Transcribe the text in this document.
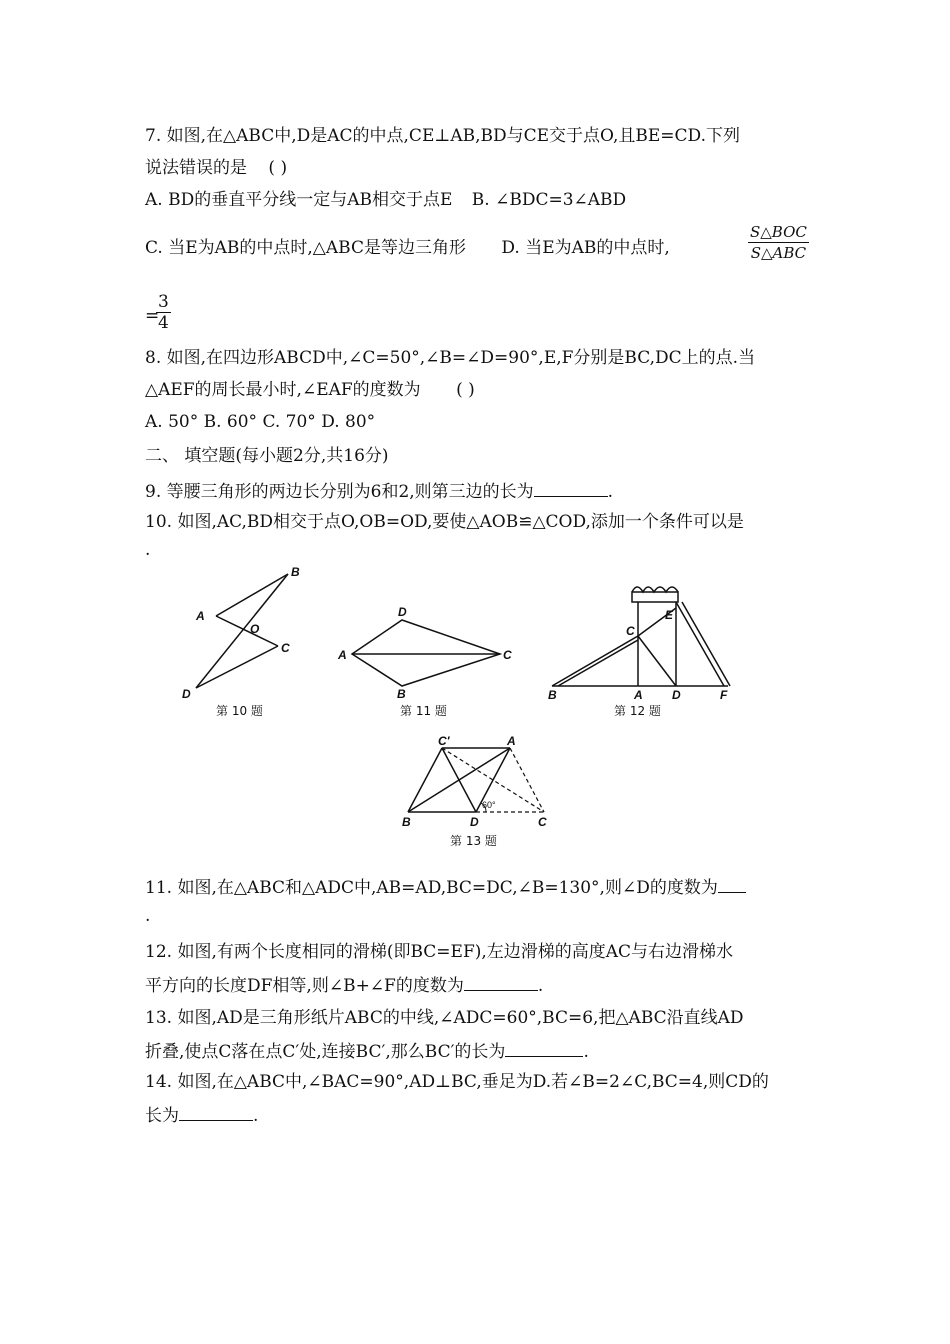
7. 如图,在△ABC中,D是AC的中点,CE⊥AB,BD与CE交于点O,且BE=CD.下列
说法错误的是 ( )
A. BD的垂直平分线一定与AB相交于点E B. ∠BDC=3∠ABD
C. 当E为AB的中点时,△ABC是等边三角形 D. 当E为AB的中点时,
S△BOC
S△ABC
=
$\frac{3}{4}$
8. 如图,在四边形ABCD中,∠C=50°,∠B=∠D=90°,E,F分别是BC,DC上的点.当
△AEF的周长最小时,∠EAF的度数为 ( )
A. 50° B. 60° C. 70° D. 80°
二、 填空题(每小题2分,共16分)
9. 等腰三角形的两边长分别为6和2,则第三边的长为	.
10. 如图,AC,BD相交于点O,OB=OD,要使△AOB≌△COD,添加一个条件可以是
.
B
A
O
C
D
第 10 题
D
A	C
B
第 11 题
E
C
B	A D	F
第 12 题
60°
C′	A
B	D	C
第 13 题
11. 如图,在△ABC和△ADC中,AB=AD,BC=DC,∠B=130°,则∠D的度数为
.
12. 如图,有两个长度相同的滑梯(即BC=EF),左边滑梯的高度AC与右边滑梯水
平方向的长度DF相等,则∠B+∠F的度数为	.
13. 如图,AD是三角形纸片ABC的中线,∠ADC=60°,BC=6,把△ABC沿直线AD
折叠,使点C落在点C′处,连接BC′,那么BC′的长为	.
14. 如图,在△ABC中,∠BAC=90°,AD⊥BC,垂足为D.若∠B=2∠C,BC=4,则CD的
长为	.
